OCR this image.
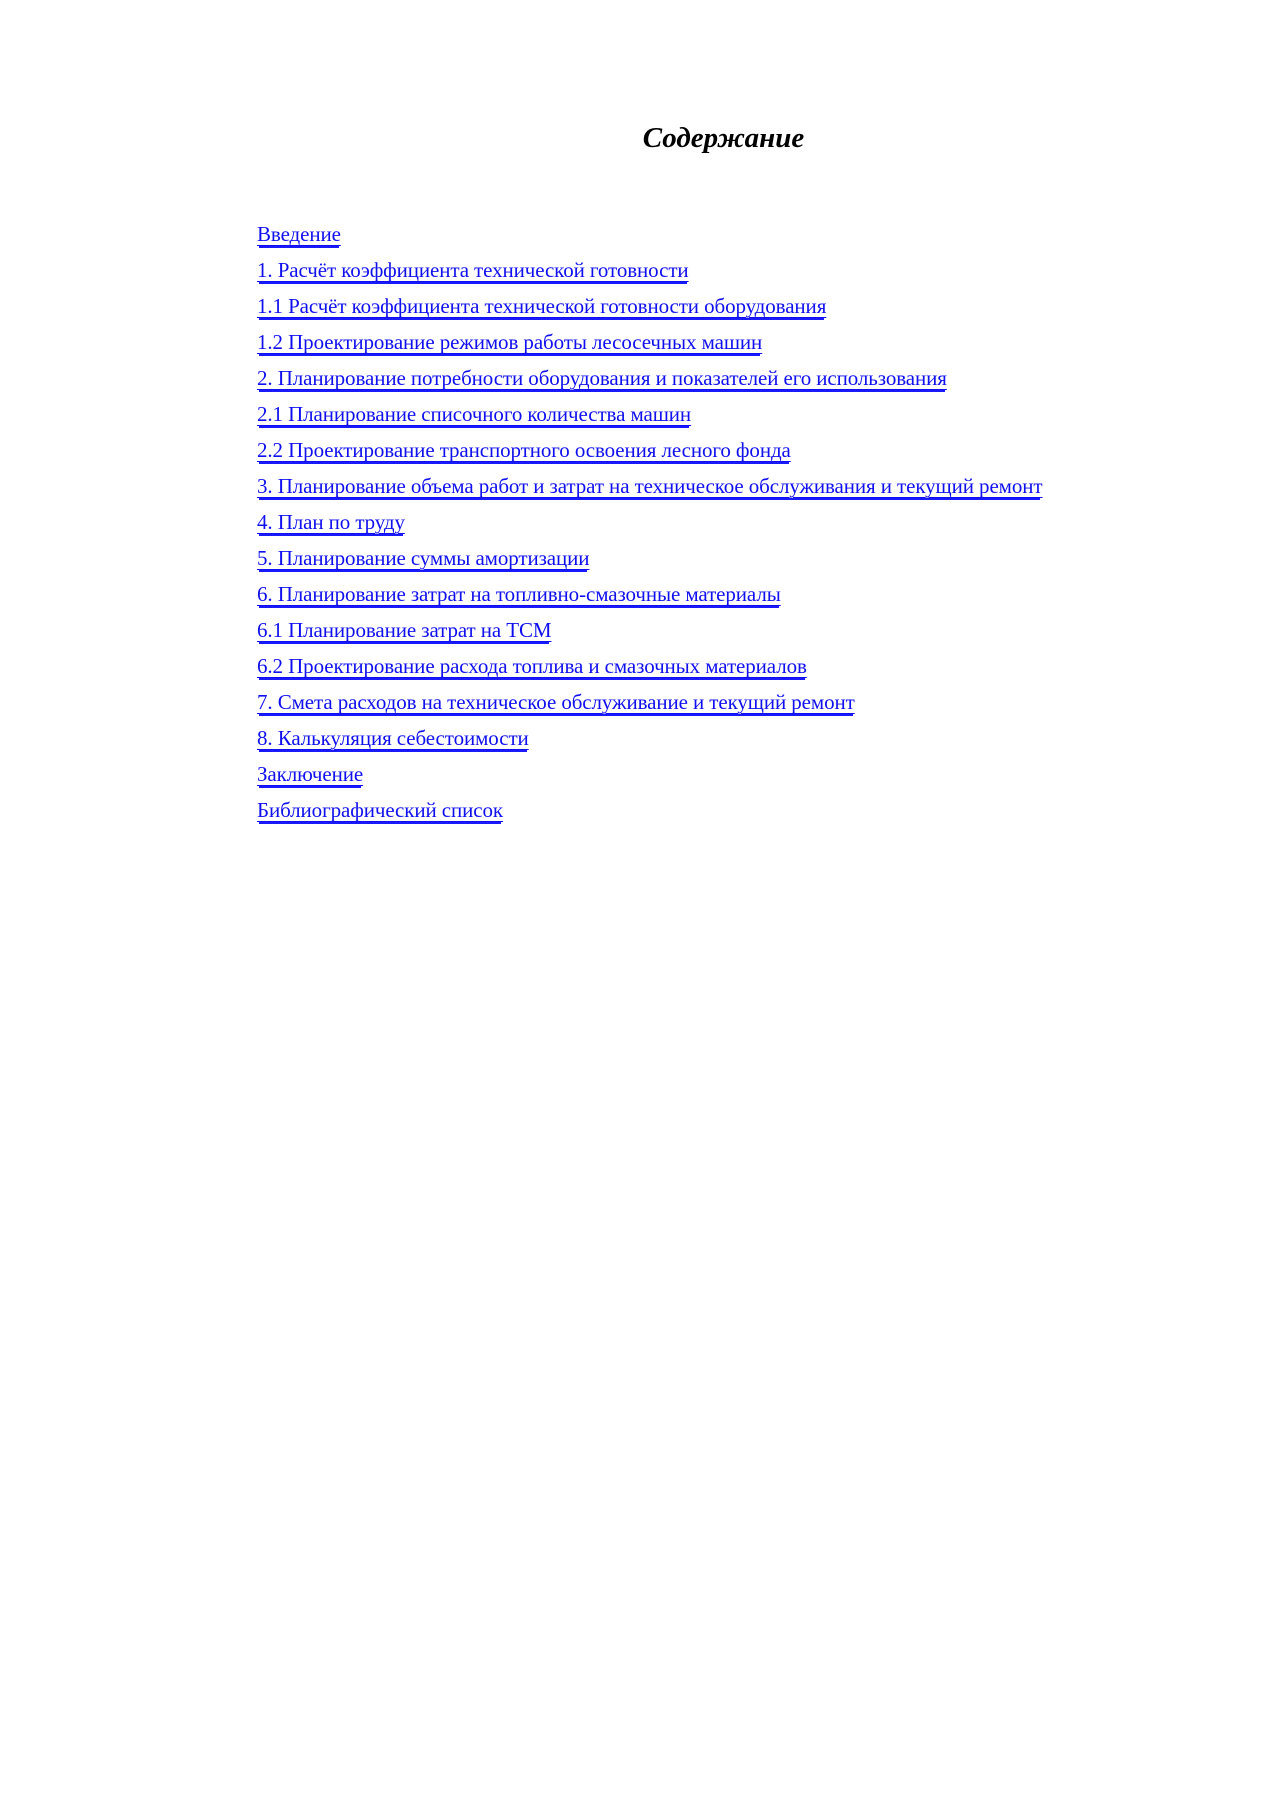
Содержание
Введение
1. Расчёт коэффициента технической готовности
1.1 Расчёт коэффициента технической готовности оборудования
1.2 Проектирование режимов работы лесосечных машин
2. Планирование потребности оборудования и показателей его использования
2.1 Планирование списочного количества машин
2.2 Проектирование транспортного освоения лесного фонда
3. Планирование объема работ и затрат на техническое обслуживания и текущий ремонт
4. План по труду
5. Планирование суммы амортизации
6. Планирование затрат на топливно-смазочные материалы
6.1 Планирование затрат на ТСМ
6.2 Проектирование расхода топлива и смазочных материалов
7. Смета расходов на техническое обслуживание и текущий ремонт
8. Калькуляция себестоимости
Заключение
Библиографический список
